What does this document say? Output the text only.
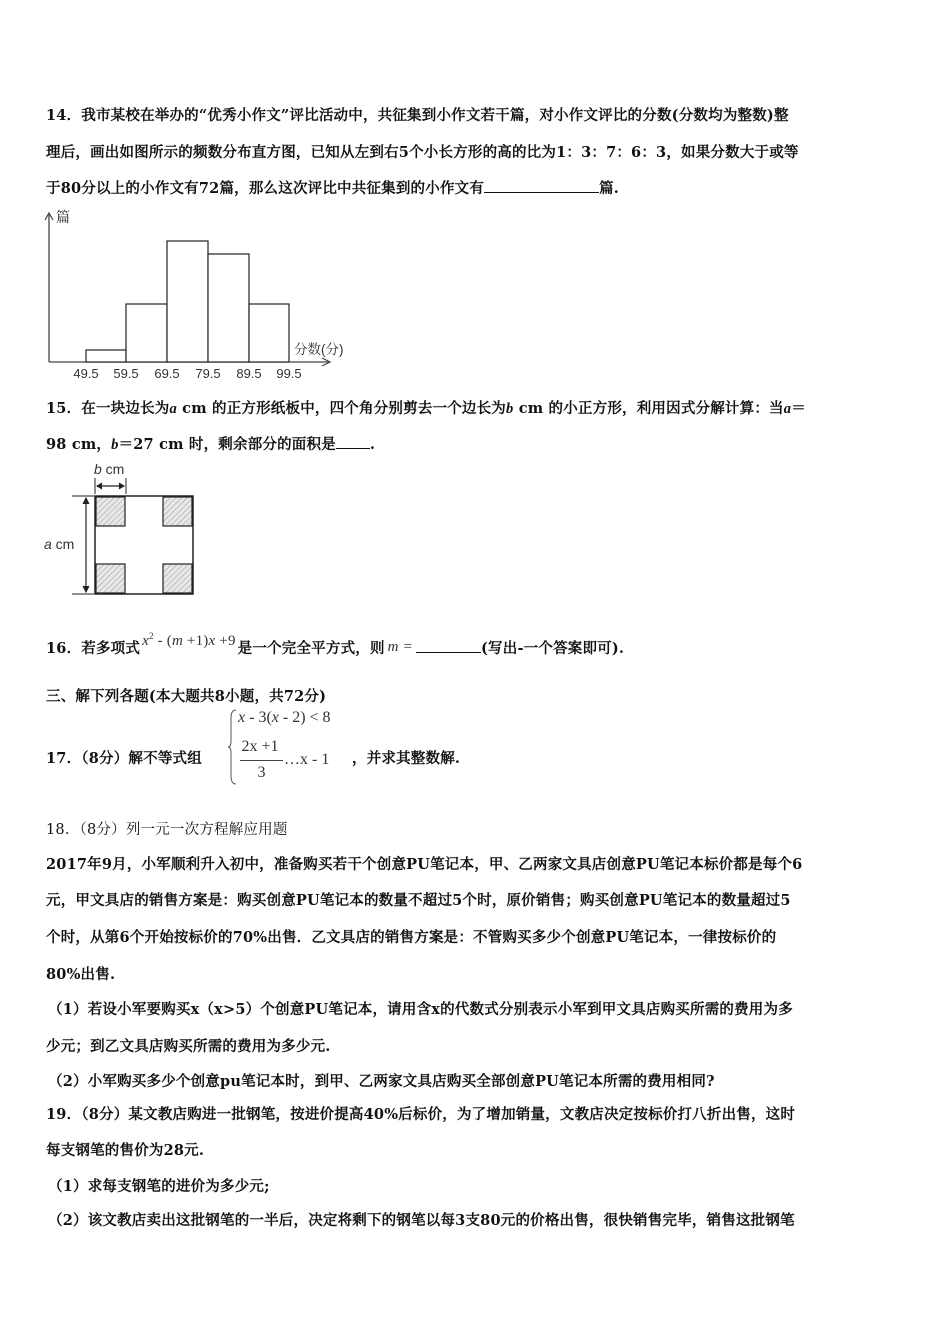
14．我市某校在举办的“优秀小作文”评比活动中，共征集到小作文若干篇，对小作文评比的分数(分数均为整数)整
理后，画出如图所示的频数分布直方图，已知从左到右5个小长方形的高的比为1：3：7：6：3，如果分数大于或等
于80分以上的小作文有72篇，那么这次评比中共征集到的小作文有	篇.
篇
分数(分)
49.5 59.5 69.5 79.5 89.5 99.5
15．在一块边长为a cm 的正方形纸板中，四个角分别剪去一个边长为b cm 的小正方形，利用因式分解计算：当a＝
98 cm，b＝27 cm 时，剩余部分的面积是 .
b cm
a cm
16．若多项式 $x^2 - (m +1)x +9$ 是一个完全平方式，则 m =	(写出-一个答案即可).
三、解下列各题(本大题共8小题，共72分)
17．（8分）解不等式组
x - 3(x - 2) < 8
2x +1
3
…x - 1 ，并求其整数解.
18．（8分）列一元一次方程解应用题
2017年9月，小军顺利升入初中，准备购买若干个创意PU笔记本，甲、乙两家文具店创意PU笔记本标价都是每个6
元，甲文具店的销售方案是：购买创意PU笔记本的数量不超过5个时，原价销售；购买创意PU笔记本的数量超过5
个时，从第6个开始按标价的70%出售．乙文具店的销售方案是：不管购买多少个创意PU笔记本，一律按标价的
80%出售.
（1）若设小军要购买x（x>5）个创意PU笔记本，请用含x的代数式分别表示小军到甲文具店购买所需的费用为多
少元；到乙文具店购买所需的费用为多少元.
（2）小军购买多少个创意pu笔记本时，到甲、乙两家文具店购买全部创意PU笔记本所需的费用相同?
19．（8分）某文教店购进一批钢笔，按进价提高40%后标价，为了增加销量，文教店决定按标价打八折出售，这时
每支钢笔的售价为28元.
（1）求每支钢笔的进价为多少元;
（2）该文教店卖出这批钢笔的一半后，决定将剩下的钢笔以每3支80元的价格出售，很快销售完毕，销售这批钢笔
